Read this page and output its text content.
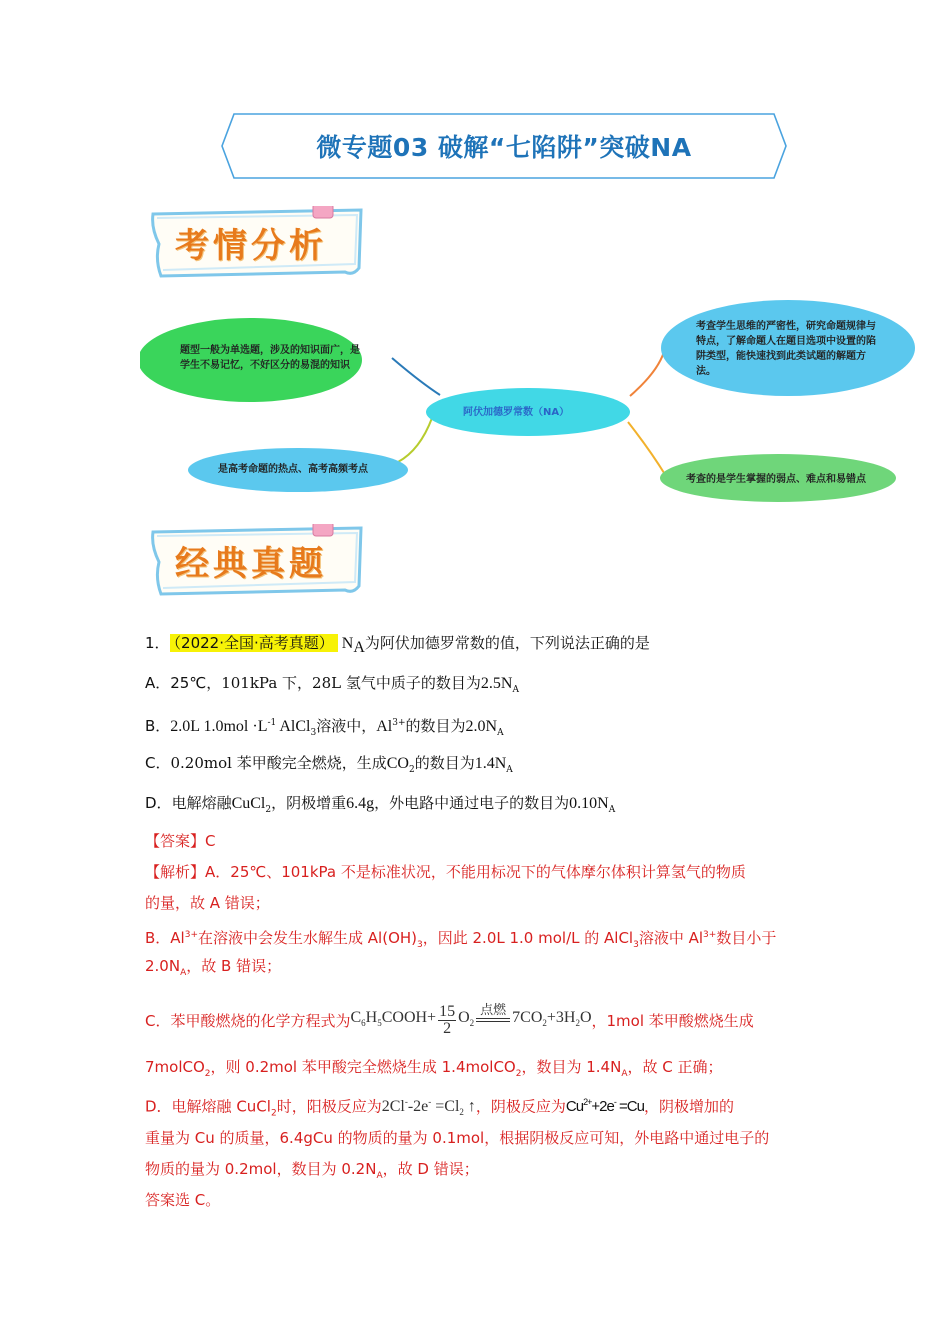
微专题03 破解“七陷阱”突破NA
考情分析
题型一般为单选题，涉及的知识面广，是
学生不易记忆，不好区分的易混的知识
是高考命题的热点、高考高频考点
阿伏加德罗常数（NA）
考查学生思维的严密性，研究命题规律与
特点，了解命题人在题目选项中设置的陷
阱类型，能快速找到此类试题的解题方
法。
考查的是学生掌握的弱点、难点和易错点
经典真题
1． （2022·全国·高考真题） $N_A$为阿伏加德罗常数的值，下列说法正确的是
A．25℃，101kPa 下，28L 氢气中质子的数目为$2.5N_A$
B．2.0L $1.0mol \cdot L^{-1}$ AlCl$_3$溶液中，$Al^{3+}$的数目为$2.0N_A$
C．0.20mol 苯甲酸完全燃烧，生成$CO_2$的数目为$1.4N_A$
D．电解熔融CuCl$_2$，阴极增重6.4g，外电路中通过电子的数目为$0.10N_A$
【答案】C
【解析】A．25℃、101kPa 不是标准状况，不能用标况下的气体摩尔体积计算氢气的物质
的量，故 A 错误；
B．$Al^{3+}$在溶液中会发生水解生成 $Al(OH)_3$，因此 2.0L 1.0 mol/L 的 AlCl$_3$溶液中 $Al^{3+}$数目小于
$2.0N_A$，故 B 错误；
C．苯甲酸燃烧的化学方程式为 $C_6H_5COOH+ \frac{15}{2} O_2$
点燃 $7CO_2+3H_2O$ ，1mol 苯甲酸燃烧生成
7molCO$_2$，则 0.2mol 苯甲酸完全燃烧生成 1.4molCO$_2$，数目为 $1.4N_A$，故 C 正确；
D．电解熔融 CuCl$_2$时，阳极反应为$2Cl^--2e^- =Cl_2$ ↑，阴极反应为$Cu^{2+}+2e^- =Cu$，阴极增加的
重量为 Cu 的质量，6.4gCu 的物质的量为 0.1mol，根据阴极反应可知，外电路中通过电子的
物质的量为 0.2mol，数目为 $0.2N_A$，故 D 错误；
答案选 C。
